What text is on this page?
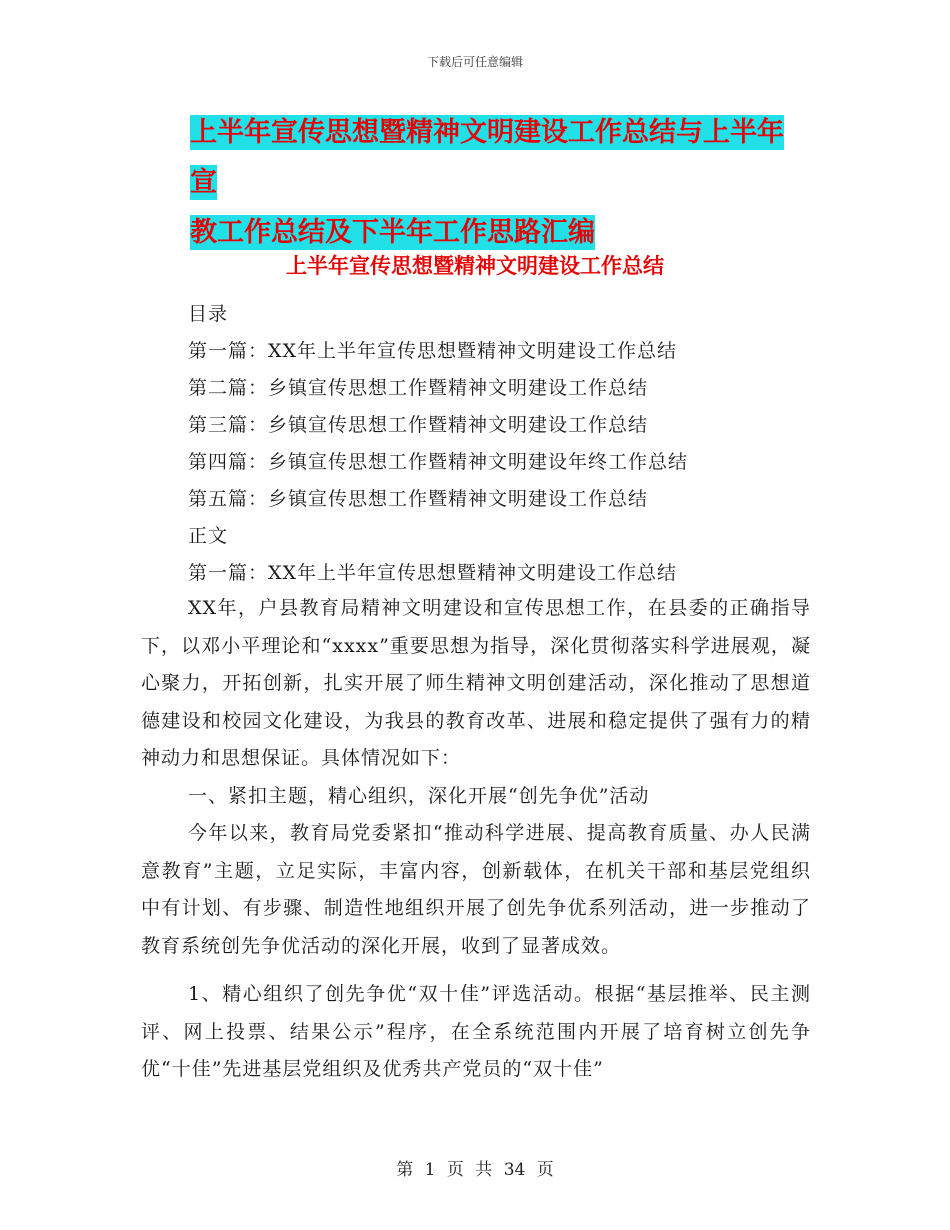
下载后可任意编辑
上半年宣传思想暨精神文明建设工作总结与上半年宣
教工作总结及下半年工作思路汇编
上半年宣传思想暨精神文明建设工作总结
目录
第一篇：XX年上半年宣传思想暨精神文明建设工作总结
第二篇：乡镇宣传思想工作暨精神文明建设工作总结
第三篇：乡镇宣传思想工作暨精神文明建设工作总结
第四篇：乡镇宣传思想工作暨精神文明建设年终工作总结
第五篇：乡镇宣传思想工作暨精神文明建设工作总结
正文
第一篇：XX年上半年宣传思想暨精神文明建设工作总结

XX年，户县教育局精神文明建设和宣传思想工作，在县委的正确指导下，以邓小平理论和“xxxx”重要思想为指导，深化贯彻落实科学进展观，凝心聚力，开拓创新，扎实开展了师生精神文明创建活动，深化推动了思想道德建设和校园文化建设，为我县的教育改革、进展和稳定提供了强有力的精神动力和思想保证。具体情况如下：

一、紧扣主题，精心组织，深化开展“创先争优”活动

今年以来，教育局党委紧扣“推动科学进展、提高教育质量、办人民满意教育”主题，立足实际，丰富内容，创新载体，在机关干部和基层党组织中有计划、有步骤、制造性地组织开展了创先争优系列活动，进一步推动了教育系统创先争优活动的深化开展，收到了显著成效。

1、精心组织了创先争优“双十佳”评选活动。根据“基层推举、民主测评、网上投票、结果公示”程序，在全系统范围内开展了培育树立创先争优“十佳”先进基层党组织及优秀共产党员的“双十佳”

第 1 页 共 34 页
